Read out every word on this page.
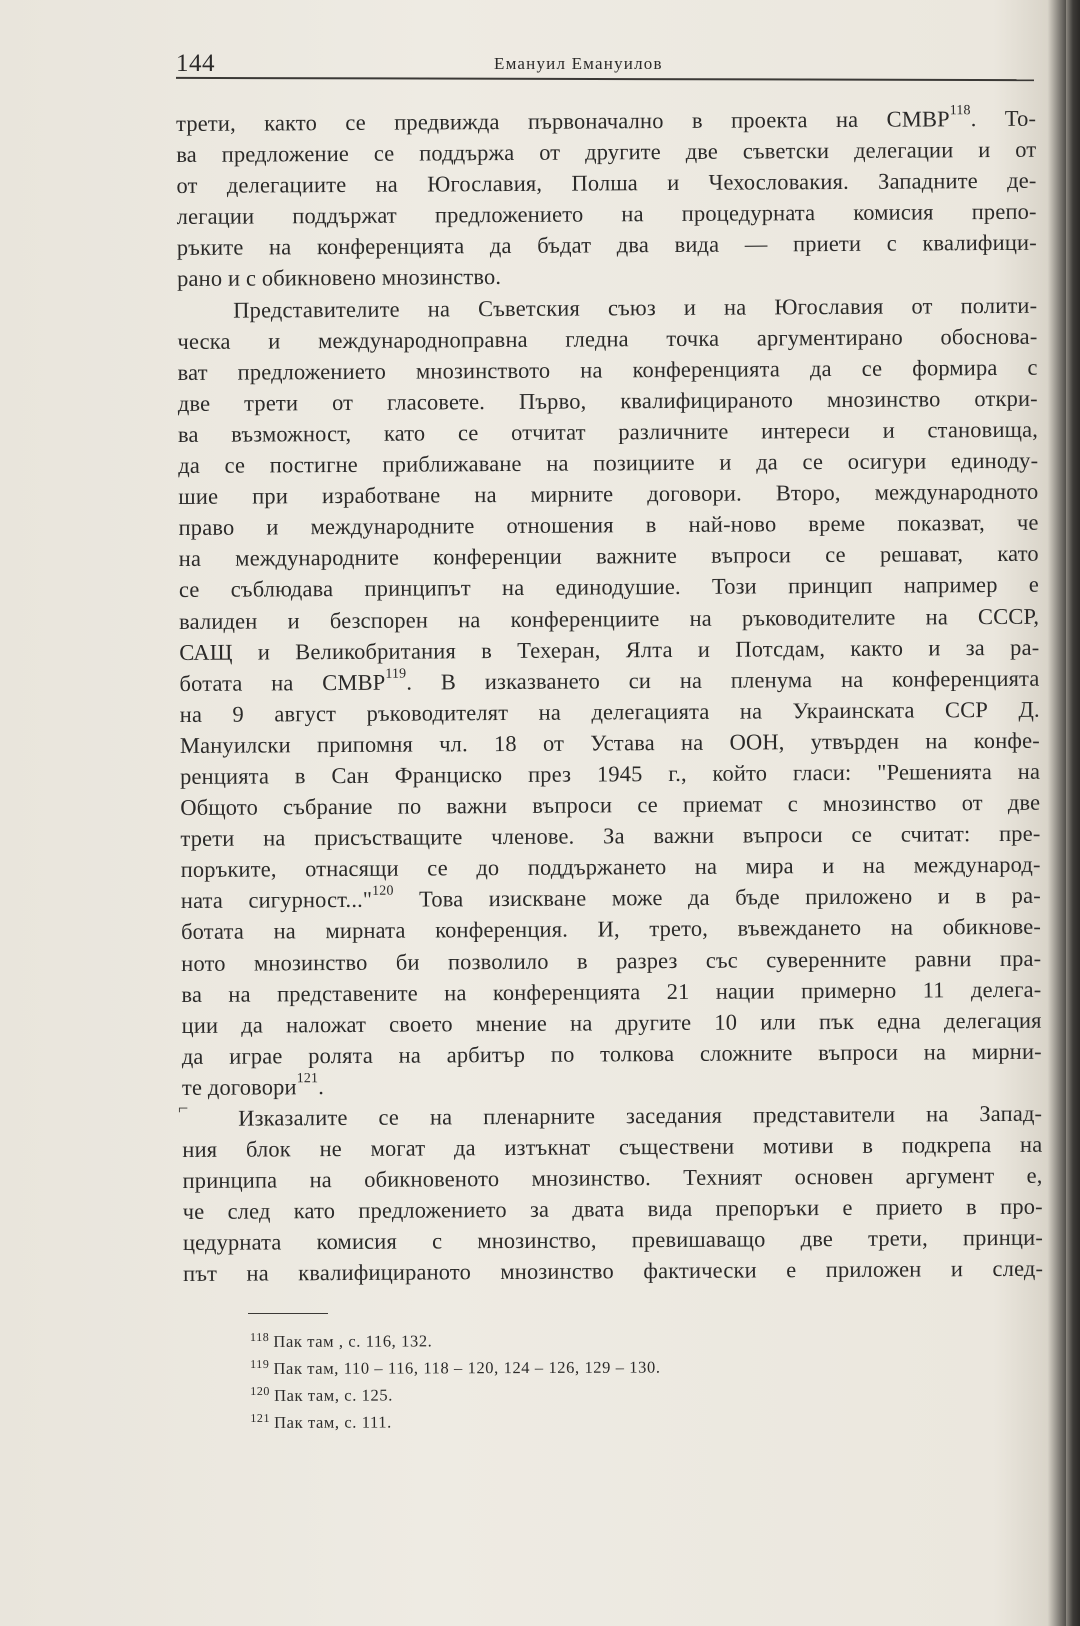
144	Емануил Емануилов

трети, както се предвижда първоначално в проекта на СМВР$^{118}$. То-
ва предложение се поддържа от другите две съветски делегации и от
от делегациите на Югославия, Полша и Чехословакия. Западните де-
легации поддържат предложението на процедурната комисия препо-
ръките на конференцията да бъдат два вида — приети с квалифици-
рано и с обикновено мнозинство.

Представителите на Съветския съюз и на Югославия от полити-
ческа и международноправна гледна точка аргументирано обоснова-
ват предложението мнозинството на конференцията да се формира с
две трети от гласовете. Първо, квалифицираното мнозинство откри-
ва възможност, като се отчитат различните интереси и становища,
да се постигне приближаване на позициите и да се осигури единоду-
шие при изработване на мирните договори. Второ, международното
право и международните отношения в най-ново време показват, че
на международните конференции важните въпроси се решават, като
се съблюдава принципът на единодушие. Този принцип например е
валиден и безспорен на конференциите на ръководителите на СССР,
САЩ и Великобритания в Техеран, Ялта и Потсдам, както и за ра-
ботата на СМВР$^{119}$. В изказването си на пленума на конференцията
на 9 август ръководителят на делегацията на Украинската ССР Д.
Мануилски припомня чл. 18 от Устава на ООН, утвърден на конфе-
ренцията в Сан Франциско през 1945 г., който гласи: "Решенията на
Общото събрание по важни въпроси се приемат с мнозинство от две
трети на присъстващите членове. За важни въпроси се считат: пре-
поръките, отнасящи се до поддържането на мира и на международ-
ната сигурност..."$^{120}$ Това изискване може да бъде приложено и в ра-
ботата на мирната конференция. И, трето, въвеждането на обикнове-
ното мнозинство би позволило в разрез със суверенните равни пра-
ва на представените на конференцията 21 нации примерно 11 делега-
ции да наложат своето мнение на другите 10 или пък една делегация
да играе ролята на арбитър по толкова сложните въпроси на мирни-
те договори$^{121}$.

Изказалите се на пленарните заседания представители на Запад-
ния блок не могат да изтъкнат съществени мотиви в подкрепа на
принципа на обикновеното мнозинство. Техният основен аргумент е,
че след като предложението за двата вида препоръки е прието в про-
цедурната комисия с мнозинство, превишаващо две трети, принци-
път на квалифицираното мнозинство фактически е приложен и след-

⌐
$^{118}$ Пак там , с. 116, 132.
$^{119}$ Пак там, 110 – 116, 118 – 120, 124 – 126, 129 – 130.
$^{120}$ Пак там, с. 125.
$^{121}$ Пак там, с. 111.
